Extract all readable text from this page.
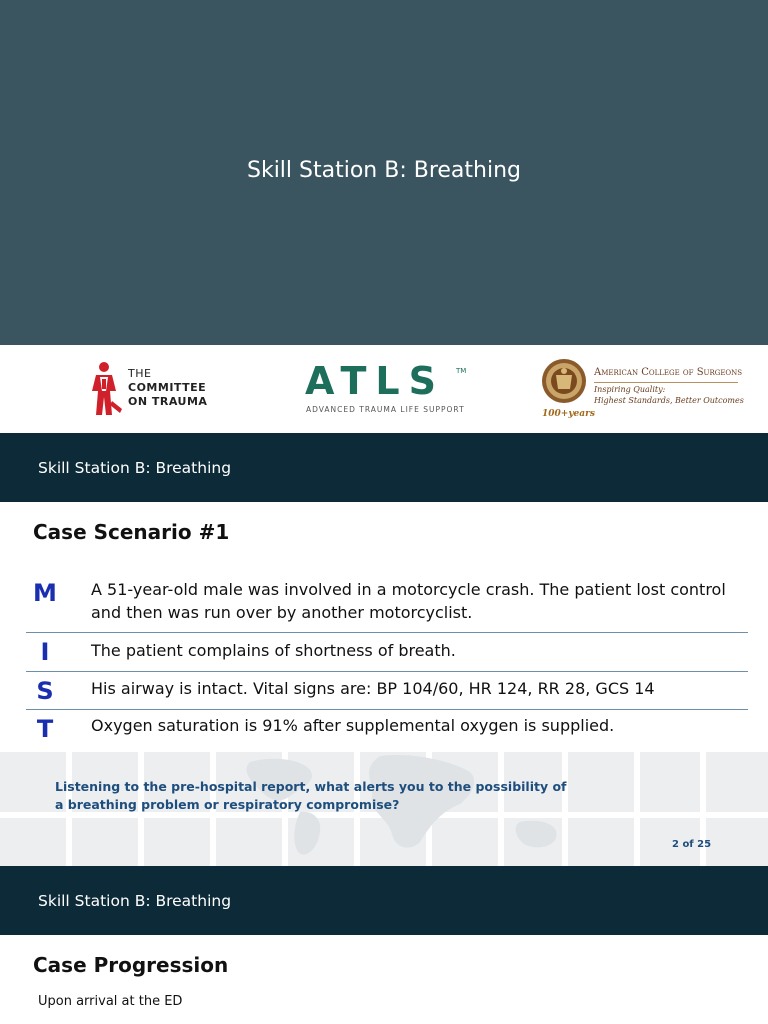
Skill Station B: Breathing
THE
COMMITTEE
ON TRAUMA	ATLS TM
ADVANCED TRAUMA LIFE SUPPORT
American College of Surgeons
Inspiring Quality:
Highest Standards, Better Outcomes
100+years
Skill Station B: Breathing
Case Scenario #1
M	A 51-year-old male was involved in a motorcycle crash. The patient lost control and then was run over by another motorcyclist.
I	The patient complains of shortness of breath.
S	His airway is intact. Vital signs are: BP 104/60, HR 124, RR 28, GCS 14
T	Oxygen saturation is 91% after supplemental oxygen is supplied.
Listening to the pre-hospital report, what alerts you to the possibility of a breathing problem or respiratory compromise?
2 of 25
Skill Station B: Breathing
Case Progression
Upon arrival at the ED
